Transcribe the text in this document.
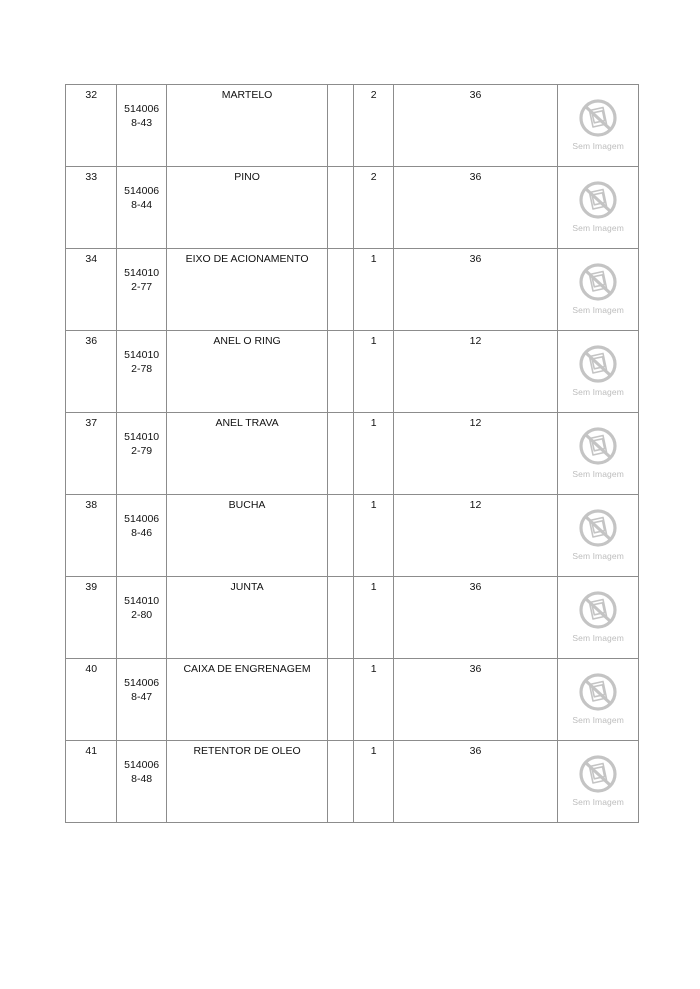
32	5140068-43	MARTELO		2	36	Sem Imagem

33	5140068-44	PINO		2	36	Sem Imagem

34	5140102-77	EIXO DE ACIONAMENTO		1	36	Sem Imagem

36	5140102-78	ANEL O RING		1	12	Sem Imagem

37	5140102-79	ANEL TRAVA		1	12	Sem Imagem

38	5140068-46	BUCHA		1	12	Sem Imagem

39	5140102-80	JUNTA		1	36	Sem Imagem

40	5140068-47	CAIXA DE ENGRENAGEM		1	36	Sem Imagem

41	5140068-48	RETENTOR DE OLEO		1	36	Sem Imagem
